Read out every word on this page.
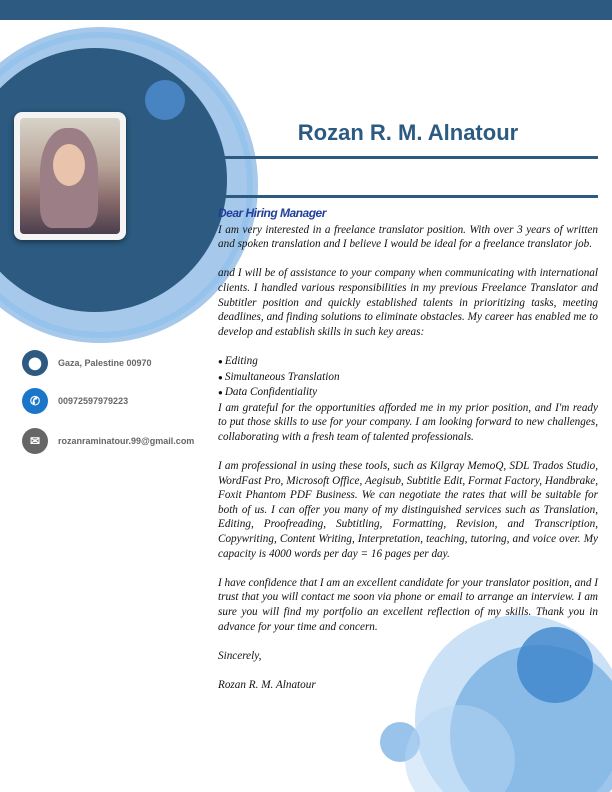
Rozan R. M. Alnatour
⬤	Gaza, Palestine 00970
✆	00972597979223
✉	rozanraminatour.99@gmail.com
Dear Hiring Manager

I am very interested in a freelance translator position. With over 3 years of written and spoken translation and I believe I would be ideal for a freelance translator job.

and I will be of assistance to your company when communicating with international clients. I handled various responsibilities in my previous Freelance Translator and Subtitler position and quickly established talents in prioritizing tasks, meeting deadlines, and finding solutions to eliminate obstacles. My career has enabled me to develop and establish skills in such key areas:

● Editing
● Simultaneous Translation
● Data Confidentiality

I am grateful for the opportunities afforded me in my prior position, and I'm ready to put those skills to use for your company. I am looking forward to new challenges, collaborating with a fresh team of talented professionals.

I am professional in using these tools, such as Kilgray MemoQ, SDL Trados Studio, WordFast Pro, Microsoft Office, Aegisub, Subtitle Edit, Format Factory, Handbrake, Foxit Phantom PDF Business. We can negotiate the rates that will be suitable for both of us. I can offer you many of my distinguished services such as Translation, Editing, Proofreading, Subtitling, Formatting, Revision, and Transcription, Copywriting, Content Writing, Interpretation, teaching, tutoring, and voice over. My capacity is 4000 words per day = 16 pages per day.

I have confidence that I am an excellent candidate for your translator position, and I trust that you will contact me soon via phone or email to arrange an interview. I am sure you will find my portfolio an excellent reflection of my skills. Thank you in advance for your time and concern.

Sincerely,

Rozan R. M. Alnatour
